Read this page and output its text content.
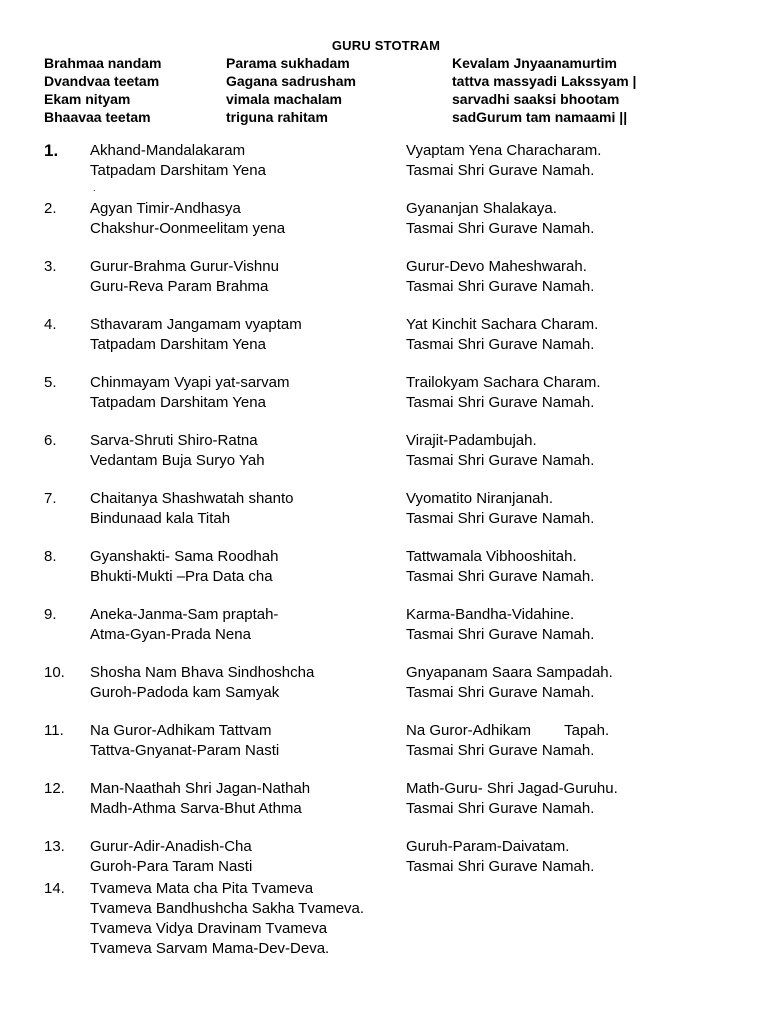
GURU STOTRAM
Brahmaa nandam	Parama sukhadam	Kevalam Jnyaanamurtim
Dvandvaa teetam	Gagana sadrusham	tattva massyadi Lakssyam |
Ekam nityam	vimala machalam	sarvadhi saaksi bhootam
Bhaavaa teetam	triguna rahitam	sadGurum tam namaami ||
.
1.	Akhand-Mandalakaram	Vyaptam Yena Characharam.
Tatpadam Darshitam Yena	Tasmai Shri Gurave Namah.
2.	Agyan Timir-Andhasya	Gyananjan Shalakaya.
Chakshur-Oonmeelitam yena	Tasmai Shri Gurave Namah.
3.	Gurur-Brahma Gurur-Vishnu	Gurur-Devo Maheshwarah.
Guru-Reva Param Brahma	Tasmai Shri Gurave Namah.
4.	Sthavaram Jangamam vyaptam	Yat Kinchit Sachara Charam.
Tatpadam Darshitam Yena	Tasmai Shri Gurave Namah.
5.	Chinmayam Vyapi yat-sarvam	Trailokyam Sachara Charam.
Tatpadam Darshitam Yena	Tasmai Shri Gurave Namah.
6.	Sarva-Shruti Shiro-Ratna	Virajit-Padambujah.
Vedantam Buja Suryo Yah	Tasmai Shri Gurave Namah.
7.	Chaitanya Shashwatah shanto	Vyomatito Niranjanah.
Bindunaad kala Titah	Tasmai Shri Gurave Namah.
8.	Gyanshakti- Sama Roodhah	Tattwamala Vibhooshitah.
Bhukti-Mukti –Pra Data cha	Tasmai Shri Gurave Namah.
9.	Aneka-Janma-Sam praptah-	Karma-Bandha-Vidahine.
Atma-Gyan-Prada Nena	Tasmai Shri Gurave Namah.
10.	Shosha Nam Bhava Sindhoshcha	Gnyapanam Saara Sampadah.
Guroh-Padoda kam Samyak	Tasmai Shri Gurave Namah.
11.	Na Guror-Adhikam Tattvam	Na Guror-Adhikam        Tapah.
Tattva-Gnyanat-Param Nasti	Tasmai Shri Gurave Namah.
12.	Man-Naathah Shri Jagan-Nathah	Math-Guru- Shri Jagad-Guruhu.
Madh-Athma Sarva-Bhut Athma	Tasmai Shri Gurave Namah.
13.	Gurur-Adir-Anadish-Cha	Guruh-Param-Daivatam.
Guroh-Para Taram Nasti	Tasmai Shri Gurave Namah.
14. Tvameva Mata cha Pita Tvameva
Tvameva Bandhushcha Sakha Tvameva.
Tvameva Vidya Dravinam Tvameva
Tvameva Sarvam Mama-Dev-Deva.
